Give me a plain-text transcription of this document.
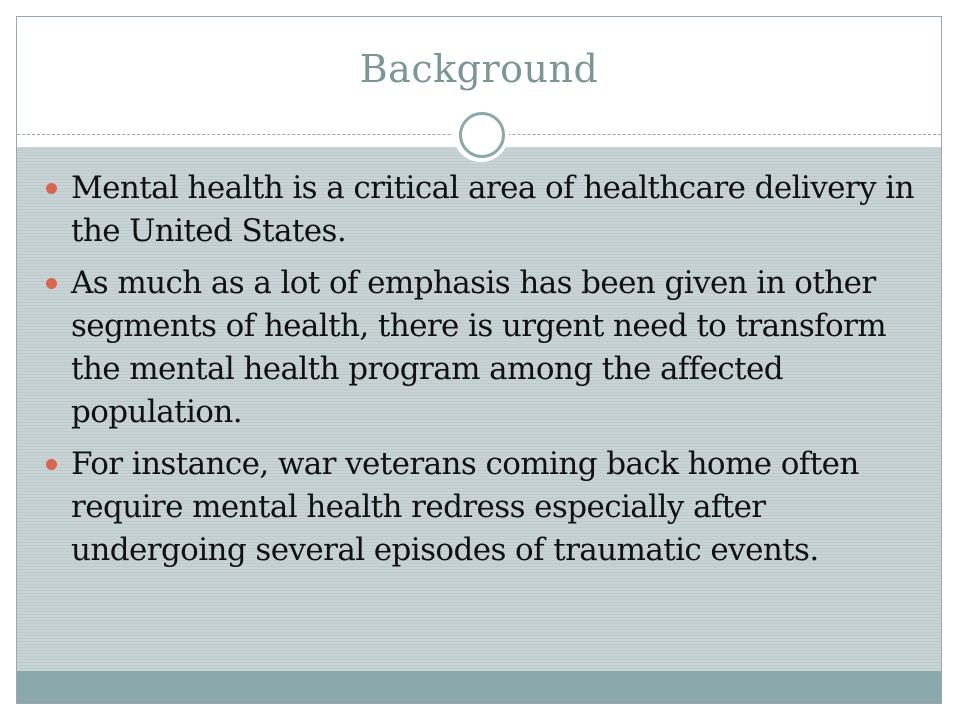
Background
Mental health is a critical area of healthcare delivery in the United States.
As much as a lot of emphasis has been given in other segments of health, there is urgent need to transform the mental health program among the affected population.
For instance, war veterans coming back home often require mental health redress especially after undergoing several episodes of traumatic events.
